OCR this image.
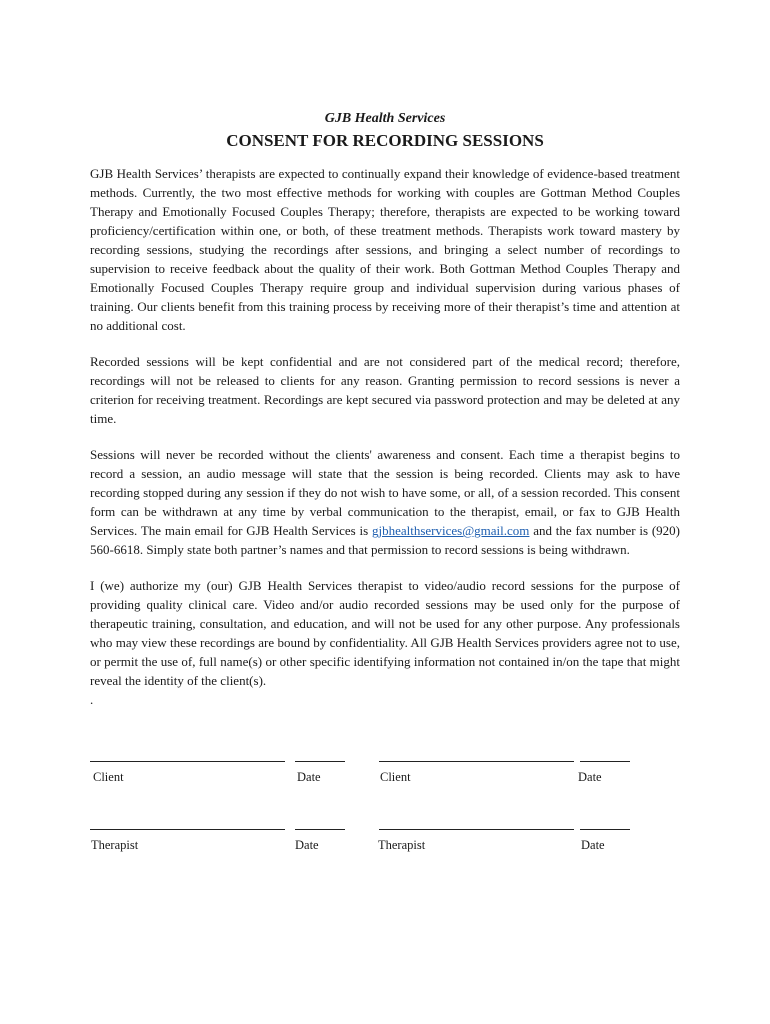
GJB Health Services

CONSENT FOR RECORDING SESSIONS

GJB Health Services’ therapists are expected to continually expand their knowledge of evidence-based treatment methods. Currently, the two most effective methods for working with couples are Gottman Method Couples Therapy and Emotionally Focused Couples Therapy; therefore, therapists are expected to be working toward proficiency/certification within one, or both, of these treatment methods. Therapists work toward mastery by recording sessions, studying the recordings after sessions, and bringing a select number of recordings to supervision to receive feedback about the quality of their work. Both Gottman Method Couples Therapy and Emotionally Focused Couples Therapy require group and individual supervision during various phases of training. Our clients benefit from this training process by receiving more of their therapist’s time and attention at no additional cost.

Recorded sessions will be kept confidential and are not considered part of the medical record; therefore, recordings will not be released to clients for any reason. Granting permission to record sessions is never a criterion for receiving treatment. Recordings are kept secured via password protection and may be deleted at any time.

Sessions will never be recorded without the clients' awareness and consent. Each time a therapist begins to record a session, an audio message will state that the session is being recorded. Clients may ask to have recording stopped during any session if they do not wish to have some, or all, of a session recorded. This consent form can be withdrawn at any time by verbal communication to the therapist, email, or fax to GJB Health Services. The main email for GJB Health Services is gjbhealthservices@gmail.com and the fax number is (920) 560-6618. Simply state both partner’s names and that permission to record sessions is being withdrawn.

I (we) authorize my (our) GJB Health Services therapist to video/audio record sessions for the purpose of providing quality clinical care. Video and/or audio recorded sessions may be used only for the purpose of therapeutic training, consultation, and education, and will not be used for any other purpose. Any professionals who may view these recordings are bound by confidentiality. All GJB Health Services providers agree not to use, or permit the use of, full name(s) or other specific identifying information not contained in/on the tape that might reveal the identity of the client(s).

.

Client	Date	Client	Date
Therapist	Date	Therapist	Date
